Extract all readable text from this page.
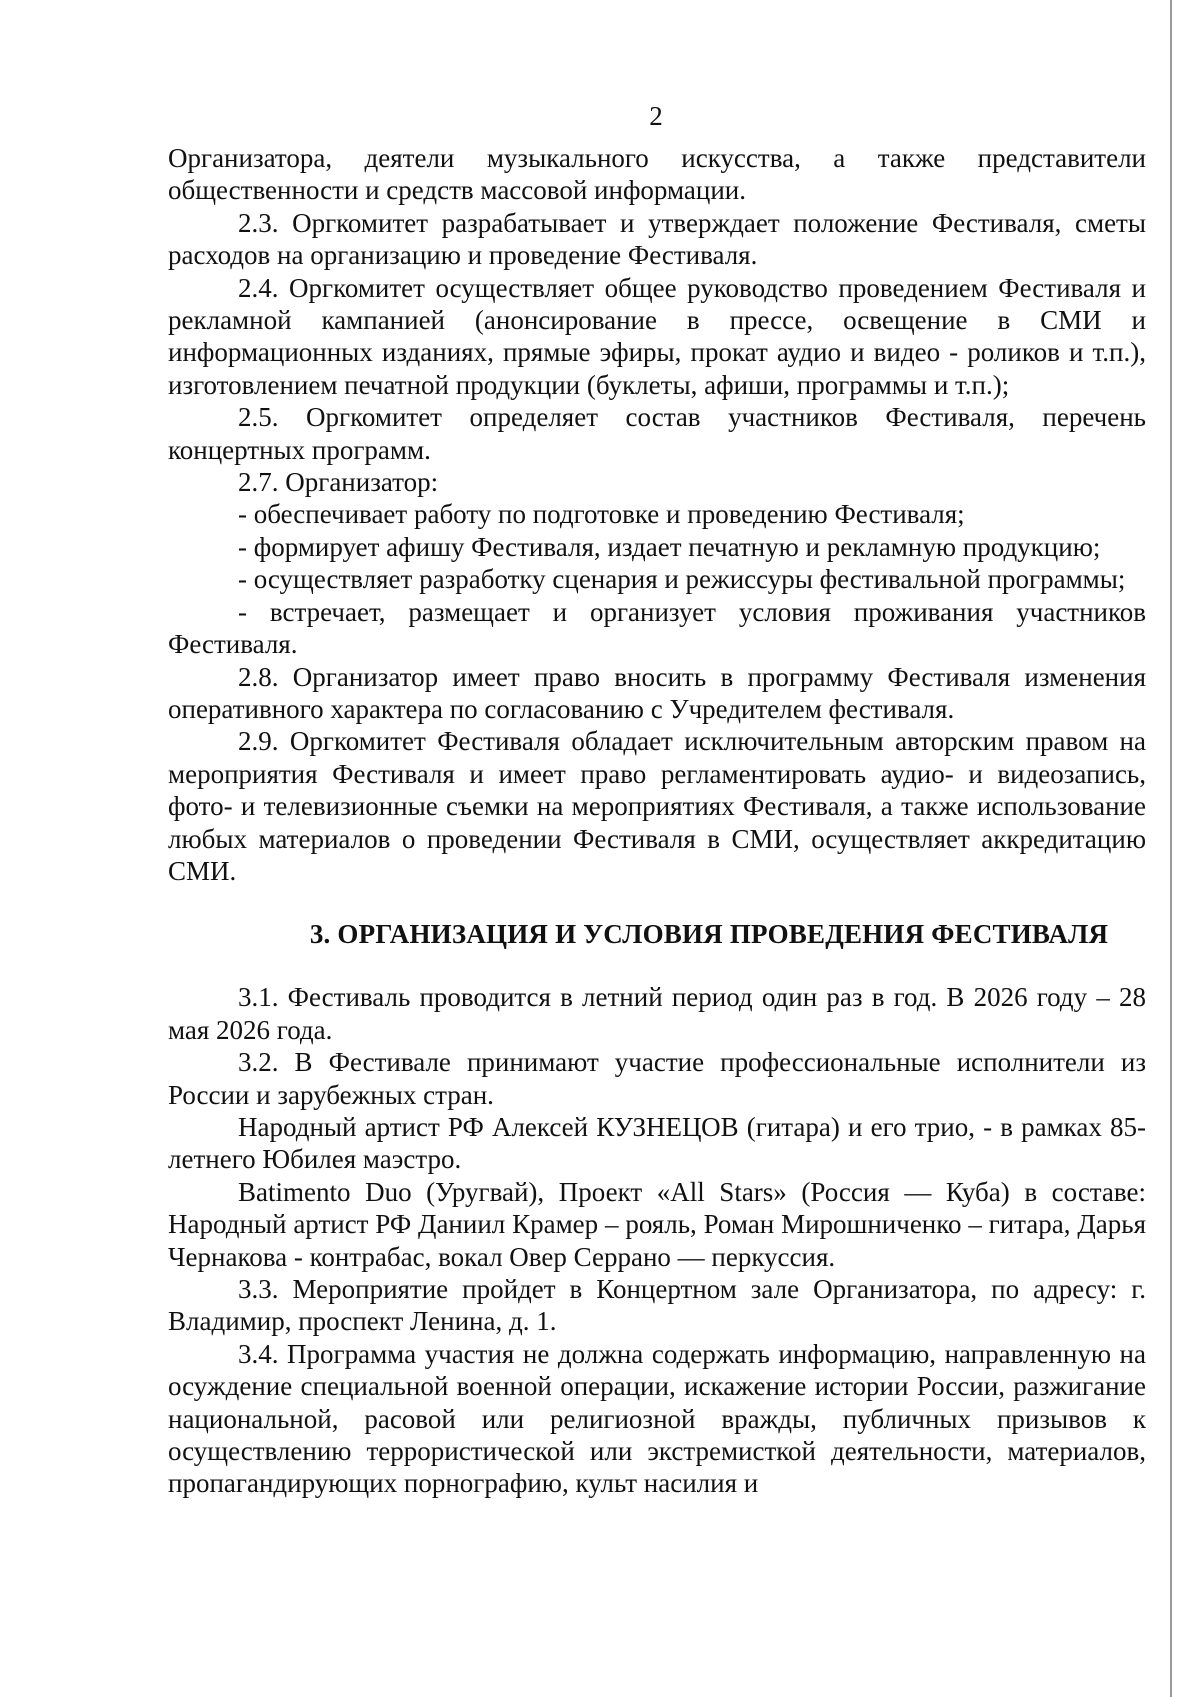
2

Организатора, деятели музыкального искусства, а также представители общественности и средств массовой информации.

2.3. Оргкомитет разрабатывает и утверждает положение Фестиваля, сметы расходов на организацию и проведение Фестиваля.

2.4. Оргкомитет осуществляет общее руководство проведением Фестиваля и рекламной кампанией (анонсирование в прессе, освещение в СМИ и информационных изданиях, прямые эфиры, прокат аудио и видео - роликов и т.п.), изготовлением печатной продукции (буклеты, афиши, программы и т.п.);

2.5. Оргкомитет определяет состав участников Фестиваля, перечень концертных программ.

2.7. Организатор:

- обеспечивает работу по подготовке и проведению Фестиваля;

- формирует афишу Фестиваля, издает печатную и рекламную продукцию;

- осуществляет разработку сценария и режиссуры фестивальной программы;

- встречает, размещает и организует условия проживания участников Фестиваля.

2.8. Организатор имеет право вносить в программу Фестиваля изменения оперативного характера по согласованию с Учредителем фестиваля.

2.9. Оргкомитет Фестиваля обладает исключительным авторским правом на мероприятия Фестиваля и имеет право регламентировать аудио- и видеозапись, фото- и телевизионные съемки на мероприятиях Фестиваля, а также использование любых материалов о проведении Фестиваля в СМИ, осуществляет аккредитацию СМИ.

3. ОРГАНИЗАЦИЯ И УСЛОВИЯ ПРОВЕДЕНИЯ ФЕСТИВАЛЯ

3.1. Фестиваль проводится в летний период один раз в год. В 2026 году – 28 мая 2026 года.

3.2. В Фестивале принимают участие профессиональные исполнители из России и зарубежных стран.

Народный артист РФ Алексей КУЗНЕЦОВ (гитара) и его трио, - в рамках 85-летнего Юбилея маэстро.

Batimento Duo (Уругвай), Проект «All Stars» (Россия — Куба) в составе: Народный артист РФ Даниил Крамер – рояль, Роман Мирошниченко – гитара, Дарья Чернакова - контрабас, вокал Овер Серрано — перкуссия.

3.3. Мероприятие пройдет в Концертном зале Организатора, по адресу: г. Владимир, проспект Ленина, д. 1.

3.4. Программа участия не должна содержать информацию, направленную на осуждение специальной военной операции, искажение истории России, разжигание национальной, расовой или религиозной вражды, публичных призывов к осуществлению террористической или экстремисткой деятельности, материалов, пропагандирующих порнографию, культ насилия и
